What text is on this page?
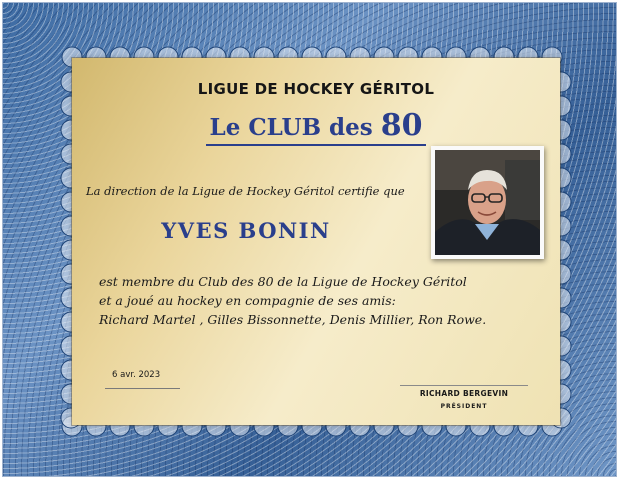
LIGUE DE HOCKEY GÉRITOL
Le CLUB des 80
La direction de la Ligue de Hockey Géritol certifie que
YVES BONIN
est membre du Club des 80 de la Ligue de Hockey Géritol
et a joué au hockey en compagnie de ses amis:
Richard Martel , Gilles Bissonnette, Denis Millier, Ron Rowe.
6 avr. 2023
RICHARD BERGEVIN
PRÉSIDENT
